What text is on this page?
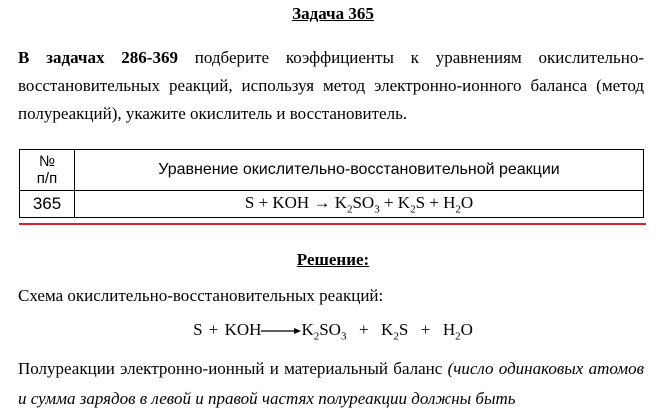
Задача 365
В задачах 286-369 подберите коэффициенты к уравнениям окислительно-восстановительных реакций, используя метод электронно-ионного баланса (метод полуреакций), укажите окислитель и восстановитель.
№
п/п	Уравнение окислительно-восстановительной реакции
365	S + KOH → $K_2SO_3 + K_2S + H_2O$
Решение:
Схема окислительно-восстановительных реакций:
S + KOH $K_2SO_3 + K_2S + H_2O$
Полуреакции электронно-ионный и материальный баланс (число одинаковых атомов и сумма зарядов в левой и правой частях полуреакции должны быть
